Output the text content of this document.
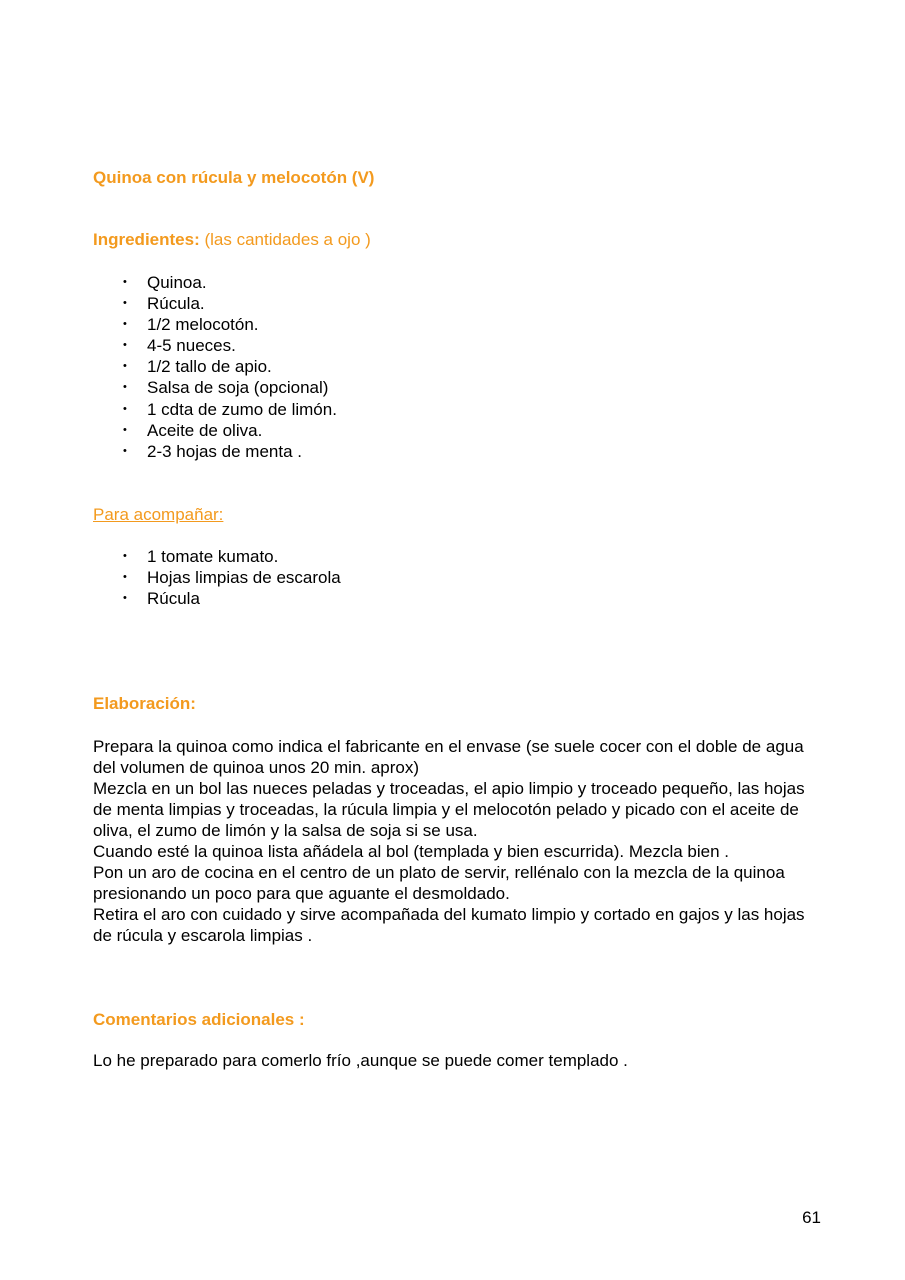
Quinoa con rúcula y melocotón (V)

Ingredientes: (las cantidades a ojo )

• Quinoa.
• Rúcula.
• 1/2 melocotón.
• 4-5 nueces.
• 1/2 tallo de apio.
• Salsa de soja (opcional)
• 1 cdta de zumo de limón.
• Aceite de oliva.
• 2-3 hojas de menta .

Para acompañar:

• 1 tomate kumato.
• Hojas limpias de escarola
• Rúcula

Elaboración:

Prepara la quinoa como indica el fabricante en el envase (se suele cocer con el doble de agua del volumen de quinoa unos 20 min. aprox)
Mezcla en un bol las nueces peladas y troceadas, el apio limpio y troceado pequeño, las hojas de menta limpias y troceadas, la rúcula limpia y el melocotón pelado y picado con el aceite de oliva, el zumo de limón y la salsa de soja si se usa.
Cuando esté la quinoa lista añádela al bol (templada y bien escurrida). Mezcla bien .
Pon un aro de cocina en el centro de un plato de servir, rellénalo con la mezcla de la quinoa presionando un poco para que aguante el desmoldado.
Retira el aro con cuidado y sirve acompañada del kumato limpio y cortado en gajos y las hojas de rúcula y escarola limpias .

Comentarios adicionales :

Lo he preparado para comerlo frío ,aunque se puede comer templado .

61
